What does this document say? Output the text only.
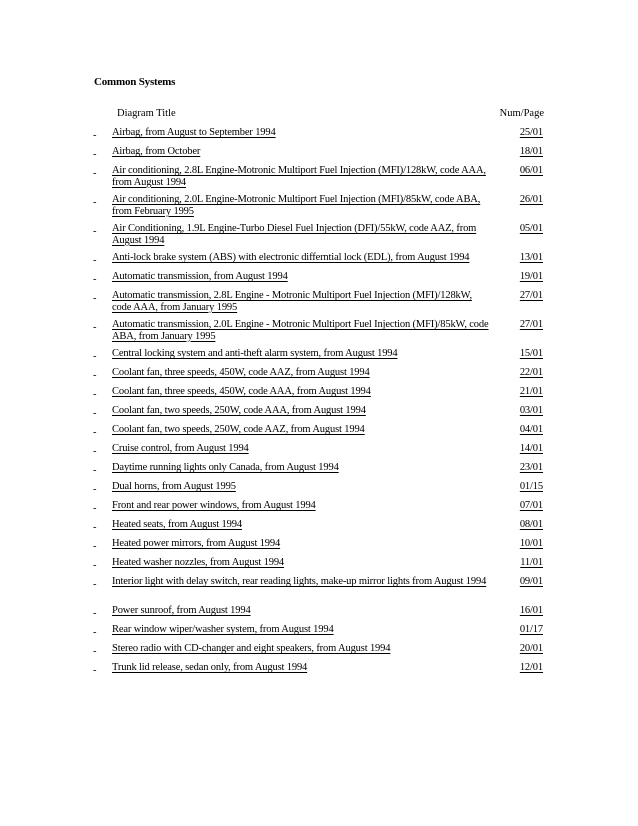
Common Systems
Diagram Title	Num/Page
- Airbag, from August to September 1994	25/01
- Airbag, from October	18/01
- Air conditioning, 2.8L Engine-Motronic Multiport Fuel Injection (MFI)/128kW, code AAA, from August 1994
06/01
- Air conditioning, 2.0L Engine-Motronic Multiport Fuel Injection (MFI)/85kW, code ABA, from February 1995
26/01
- Air Conditioning, 1.9L Engine-Turbo Diesel Fuel Injection (DFI)/55kW, code AAZ, from August 1994
05/01
- Anti-lock brake system (ABS) with electronic differntial lock (EDL), from August 1994	13/01
- Automatic transmission, from August 1994	19/01
- Automatic transmission, 2.8L Engine - Motronic Multiport Fuel Injection (MFI)/128kW, code AAA, from January 1995
27/01
- Automatic transmission, 2.0L Engine - Motronic Multiport Fuel Injection (MFI)/85kW, code ABA, from January 1995
27/01
- Central locking system and anti-theft alarm system, from August 1994	15/01
- Coolant fan, three speeds, 450W, code AAZ, from August 1994	22/01
- Coolant fan, three speeds, 450W, code AAA, from August 1994	21/01
- Coolant fan, two speeds, 250W, code AAA, from August 1994	03/01
- Coolant fan, two speeds, 250W, code AAZ, from August 1994	04/01
- Cruise control, from August 1994	14/01
- Daytime running lights only Canada, from August 1994	23/01
- Dual horns, from August 1995	01/15
- Front and rear power windows, from August 1994	07/01
- Heated seats, from August 1994	08/01
- Heated power mirrors, from August 1994	10/01
- Heated washer nozzles, from August 1994	11/01
- Interior light with delay switch, rear reading lights, make-up mirror lights from August 1994	09/01
- Power sunroof, from August 1994	16/01
- Rear window wiper/washer system, from August 1994	01/17
- Stereo radio with CD-changer and eight speakers, from August 1994	20/01
- Trunk lid release, sedan only, from August 1994	12/01
